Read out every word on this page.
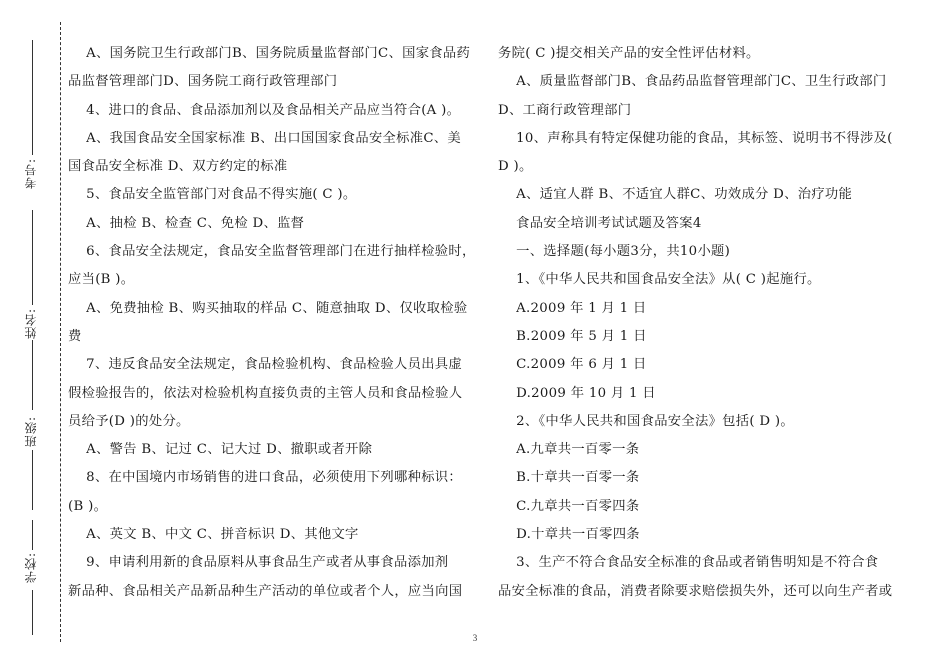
考号:
姓名:
班级:
学校:

A、国务院卫生行政部门B、国务院质量监督部门C、国家食品药

品监督管理部门D、国务院工商行政管理部门

4、进口的食品、食品添加剂以及食品相关产品应当符合(A )。

A、我国食品安全国家标准 B、出口国国家食品安全标准C、美

国食品安全标准 D、双方约定的标准

5、食品安全监管部门对食品不得实施( C )。

A、抽检 B、检查 C、免检 D、监督

6、食品安全法规定，食品安全监督管理部门在进行抽样检验时，

应当(B )。

A、免费抽检 B、购买抽取的样品 C、随意抽取 D、仅收取检验

费

7、违反食品安全法规定，食品检验机构、食品检验人员出具虚

假检验报告的，依法对检验机构直接负责的主管人员和食品检验人

员给予(D )的处分。

A、警告 B、记过 C、记大过 D、撤职或者开除

8、在中国境内市场销售的进口食品，必须使用下列哪种标识：

(B )。

A、英文 B、中文 C、拼音标识 D、其他文字

9、申请利用新的食品原料从事食品生产或者从事食品添加剂

新品种、食品相关产品新品种生产活动的单位或者个人，应当向国

务院( C )提交相关产品的安全性评估材料。

A、质量监督部门B、食品药品监督管理部门C、卫生行政部门

D、工商行政管理部门

10、声称具有特定保健功能的食品，其标签、说明书不得涉及(

D )。

A、适宜人群 B、不适宜人群C、功效成分 D、治疗功能

食品安全培训考试试题及答案4

一、选择题(每小题3分，共10小题)

1、《中华人民共和国食品安全法》从( C )起施行。

A.2009 年 1 月 1 日

B.2009 年 5 月 1 日

C.2009 年 6 月 1 日

D.2009 年 10 月 1 日

2、《中华人民共和国食品安全法》包括( D )。

A.九章共一百零一条

B.十章共一百零一条

C.九章共一百零四条

D.十章共一百零四条

3、生产不符合食品安全标准的食品或者销售明知是不符合食

品安全标准的食品，消费者除要求赔偿损失外，还可以向生产者或

3
